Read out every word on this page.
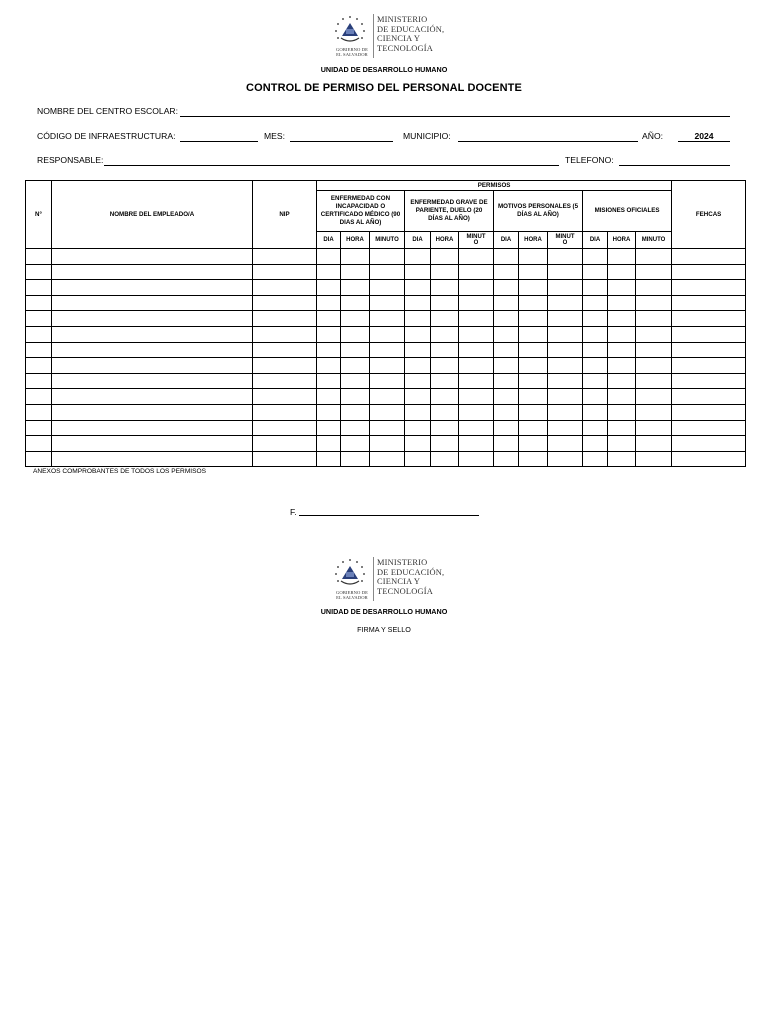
GOBIERNO DE
EL SALVADOR
MINISTERIO
DE EDUCACIÓN,
CIENCIA Y
TECNOLOGÍA
UNIDAD DE DESARROLLO HUMANO
CONTROL DE PERMISO DEL PERSONAL DOCENTE
NOMBRE DEL CENTRO ESCOLAR:
CÓDIGO DE INFRAESTRUCTURA:	MES:	MUNICIPIO:	AÑO:	2024
RESPONSABLE:	TELEFONO:
N°	NOMBRE DEL EMPLEADO/A	NIP	PERMISOS												FEHCAS
			ENFERMEDAD CON INCAPACIDAD O CERTIFICADO MÉDICO (90 DIAS AL AÑO)			ENFERMEDAD GRAVE DE PARIENTE, DUELO (20 DÍAS AL AÑO)			MOTIVOS PERSONALES (5 DÍAS AL AÑO)			MISIONES OFICIALES			
			DIA	HORA	MINUTO	DIA	HORA	MINUT O	DIA	HORA	MINUT O	DIA	HORA	MINUTO	

ANEXOS COMPROBANTES DE TODOS LOS PERMISOS
F.
GOBIERNO DE
EL SALVADOR
MINISTERIO
DE EDUCACIÓN,
CIENCIA Y
TECNOLOGÍA
UNIDAD DE DESARROLLO HUMANO
FIRMA Y SELLO
